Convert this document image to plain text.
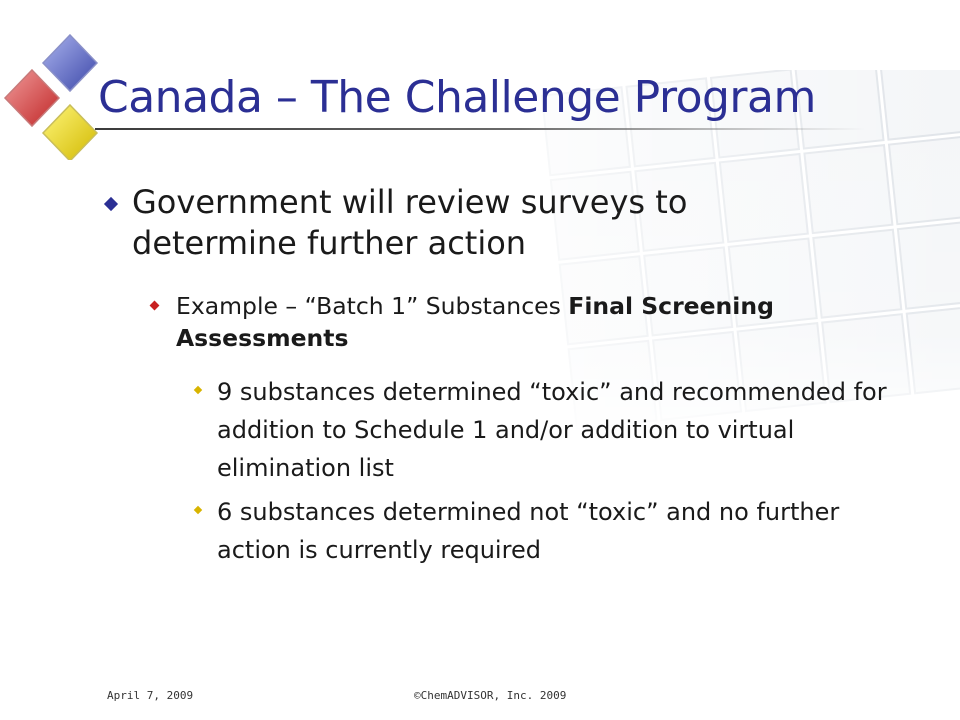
Canada – The Challenge Program
Government will review surveys to determine further action
Example – “Batch 1” Substances Final Screening Assessments
9 substances determined “toxic” and recommended for addition to Schedule 1 and/or addition to virtual elimination list
6 substances determined not “toxic” and no further action is currently required
April 7, 2009	©ChemADVISOR, Inc. 2009
